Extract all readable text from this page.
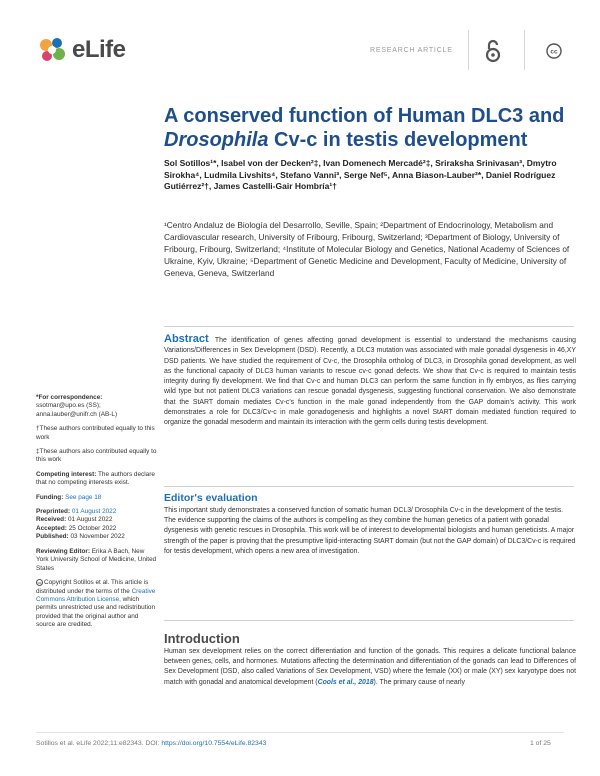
eLife	RESEARCH ARTICLE	cc
A conserved function of Human DLC3 and
Drosophila Cv-c in testis development
Sol Sotillos¹*, Isabel von der Decken²‡, Ivan Domenech Mercadé²‡, Sriraksha Srinivasan³, Dmytro Sirokha⁴, Ludmila Livshits⁴, Stefano Vanni³, Serge Nef⁵, Anna Biason-Lauber²*, Daniel Rodríguez Gutiérrez²†, James Castelli-Gair Hombría¹†
¹Centro Andaluz de Biología del Desarrollo, Seville, Spain; ²Department of Endocrinology, Metabolism and Cardiovascular research, University of Fribourg, Fribourg, Switzerland; ³Department of Biology, University of Fribourg, Fribourg, Switzerland; ⁴Institute of Molecular Biology and Genetics, National Academy of Sciences of Ukraine, Kyiv, Ukraine; ⁵Department of Genetic Medicine and Development, Faculty of Medicine, University of Geneva, Geneva, Switzerland
Abstract The identification of genes affecting gonad development is essential to understand the mechanisms causing Variations/Differences in Sex Development (DSD). Recently, a DLC3 mutation was associated with male gonadal dysgenesis in 46,XY DSD patients. We have studied the requirement of Cv-c, the Drosophila ortholog of DLC3, in Drosophila gonad development, as well as the functional capacity of DLC3 human variants to rescue cv-c gonad defects. We show that Cv-c is required to maintain testis integrity during fly development. We find that Cv-c and human DLC3 can perform the same function in fly embryos, as flies carrying wild type but not patient DLC3 variations can rescue gonadal dysgenesis, suggesting functional conservation. We also demonstrate that the StART domain mediates Cv-c's function in the male gonad independently from the GAP domain's activity. This work demonstrates a role for DLC3/Cv-c in male gonadogenesis and highlights a novel StART domain mediated function required to organize the gonadal mesoderm and maintain its interaction with the germ cells during testis development.
*For correspondence:
ssotmar@upo.es (SS); anna.lauber@unifr.ch (AB-L)
†These authors contributed equally to this work
‡These authors also contributed equally to this work
Competing interest: The authors declare that no competing interests exist.
Funding: See page 18
Preprinted: 01 August 2022
Received: 01 August 2022
Accepted: 25 October 2022
Published: 03 November 2022
Reviewing Editor: Erika A Bach, New York University School of Medicine, United States
cc Copyright Sotillos et al. This article is distributed under the terms of the Creative Commons Attribution License, which permits unrestricted use and redistribution provided that the original author and source are credited.
Editor's evaluation
This important study demonstrates a conserved function of somatic human DCL3/ Drosophila Cv-c in the development of the testis. The evidence supporting the claims of the authors is compelling as they combine the human genetics of a patient with gonadal dysgenesis with genetic rescues in Drosophila. This work will be of interest to developmental biologists and human geneticists. A major strength of the paper is proving that the presumptive lipid-interacting StART domain (but not the GAP domain) of DLC3/Cv-c is required for testis development, which opens a new area of investigation.
Introduction
Human sex development relies on the correct differentiation and function of the gonads. This requires a delicate functional balance between genes, cells, and hormones. Mutations affecting the determination and differentiation of the gonads can lead to Differences of Sex Development (DSD, also called Variations of Sex Development, VSD) where the female (XX) or male (XY) sex karyotype does not match with gonadal and anatomical development (Cools et al., 2018). The primary cause of nearly
Sotillos et al. eLife 2022;11:e82343. DOI: https://doi.org/10.7554/eLife.82343	1 of 25
